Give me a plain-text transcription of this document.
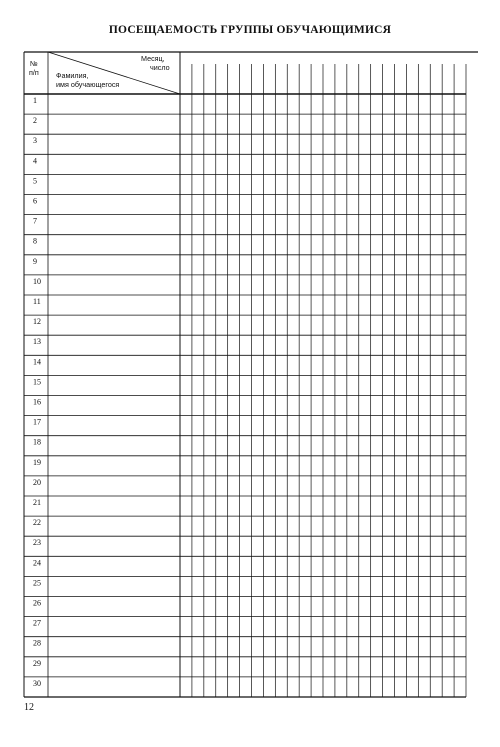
ПОСЕЩАЕМОСТЬ ГРУППЫ ОБУЧАЮЩИМИСЯ
№
п/п
Месяц,
число
Фамилия,
имя обучающегося
1
2
3
4
5
6
7
8
9
10
11
12
13
14
15
16
17
18
19
20
21
22
23
24
25
26
27
28
29
30
12
